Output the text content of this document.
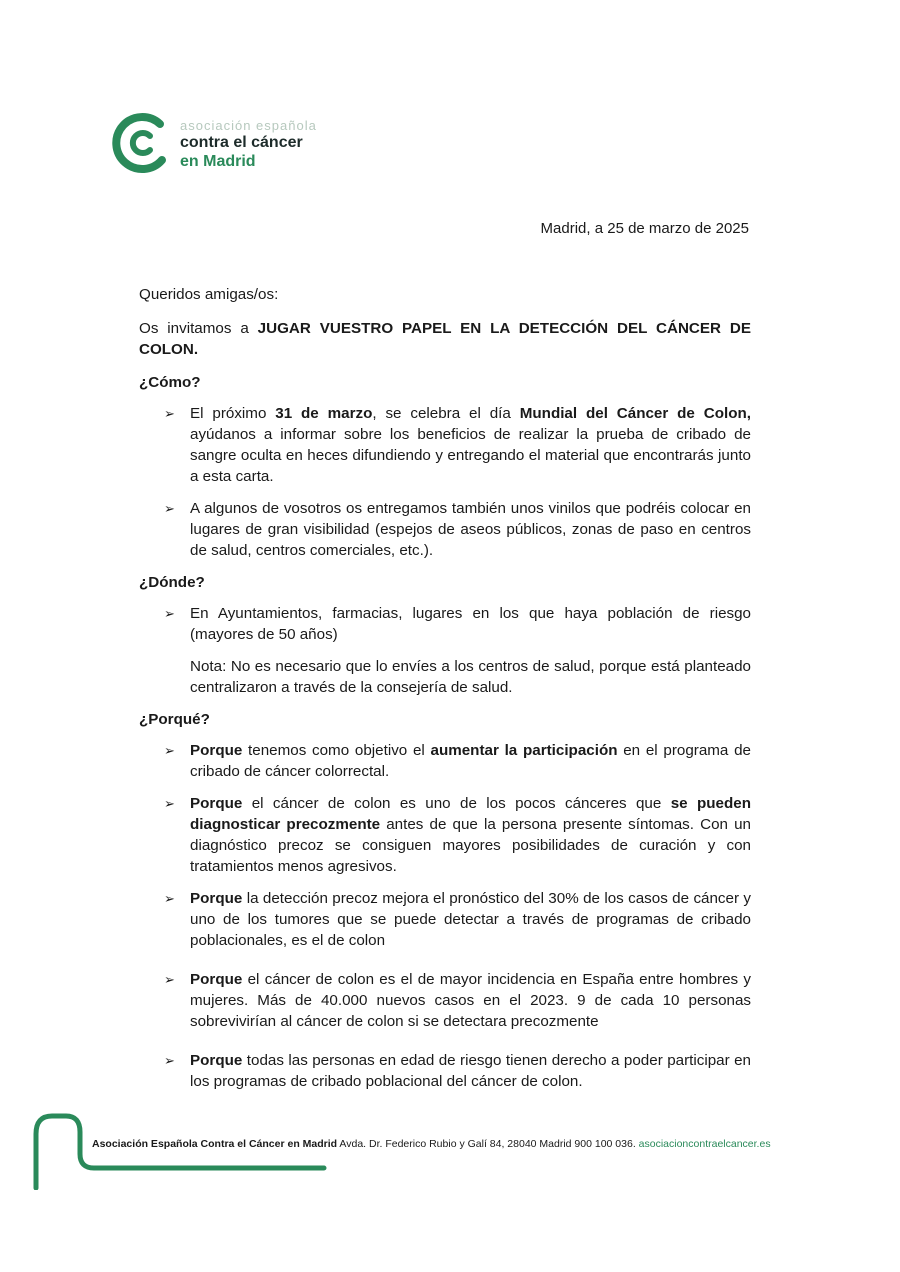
asociación española
contra el cáncer
en Madrid
Madrid, a 25 de marzo de 2025

Queridos amigas/os:

Os invitamos a JUGAR VUESTRO PAPEL EN LA DETECCIÓN DEL CÁNCER DE COLON.

¿Cómo?

➢ El próximo 31 de marzo, se celebra el día Mundial del Cáncer de Colon, ayúdanos a informar sobre los beneficios de realizar la prueba de cribado de sangre oculta en heces difundiendo y entregando el material que encontrarás junto a esta carta.
➢ A algunos de vosotros os entregamos también unos vinilos que podréis colocar en lugares de gran visibilidad (espejos de aseos públicos, zonas de paso en centros de salud, centros comerciales, etc.).

¿Dónde?

➢ En Ayuntamientos, farmacias, lugares en los que haya población de riesgo (mayores de 50 años)

Nota: No es necesario que lo envíes a los centros de salud, porque está planteado centralizaron a través de la consejería de salud.

¿Porqué?

➢ Porque tenemos como objetivo el aumentar la participación en el programa de cribado de cáncer colorrectal.
➢ Porque el cáncer de colon es uno de los pocos cánceres que se pueden diagnosticar precozmente antes de que la persona presente síntomas. Con un diagnóstico precoz se consiguen mayores posibilidades de curación y con tratamientos menos agresivos.
➢ Porque la detección precoz mejora el pronóstico del 30% de los casos de cáncer y uno de los tumores que se puede detectar a través de programas de cribado poblacionales, es el de colon
➢ Porque el cáncer de colon es el de mayor incidencia en España entre hombres y mujeres. Más de 40.000 nuevos casos en el 2023. 9 de cada 10 personas sobrevivirían al cáncer de colon si se detectara precozmente
➢ Porque todas las personas en edad de riesgo tienen derecho a poder participar en los programas de cribado poblacional del cáncer de colon.
Asociación Española Contra el Cáncer en Madrid Avda. Dr. Federico Rubio y Galí 84, 28040 Madrid 900 100 036. asociacioncontraelcancer.es
